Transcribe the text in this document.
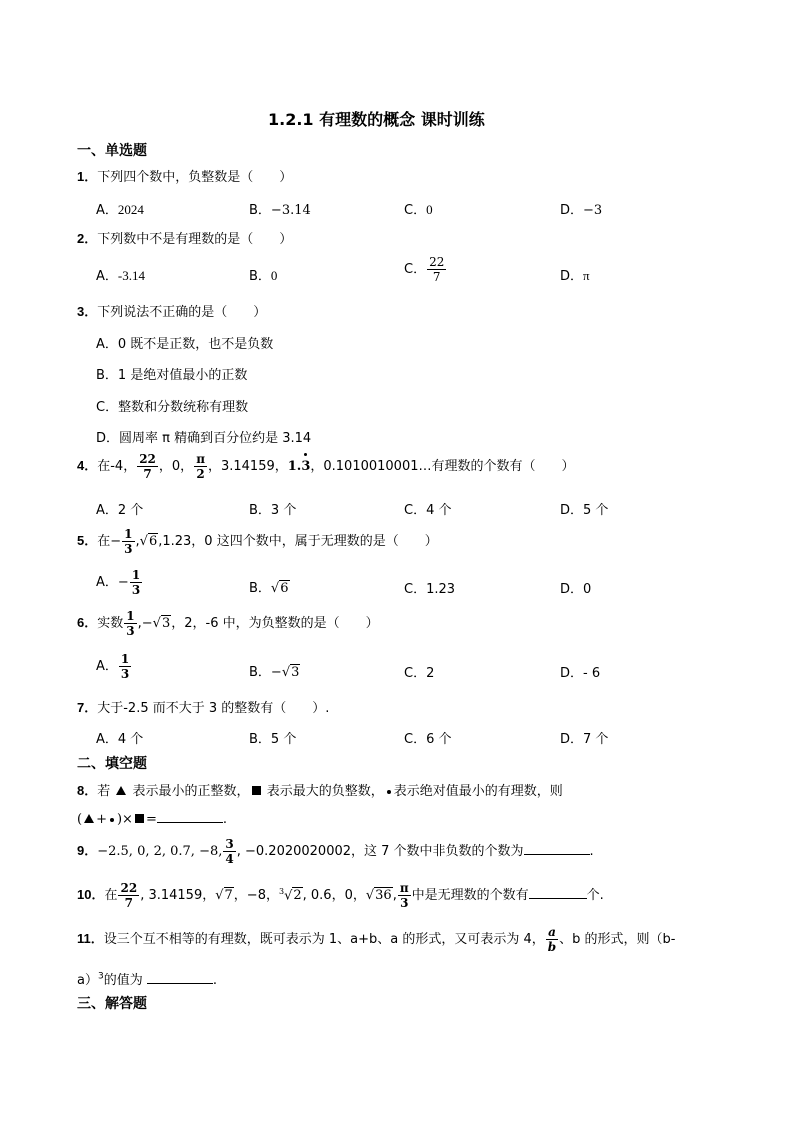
1.2.1 有理数的概念 课时训练
一、单选题
1．下列四个数中，负整数是（　　）
A．2024	B．−3.14	C．0	D．−3
2．下列数中不是有理数的是（　　）
A．-3.14	B．0	C． $\frac{22}{7}$	D．π
3．下列说法不正确的是（　　）
A．0 既不是正数，也不是负数
B．1 是绝对值最小的正数
C．整数和分数统称有理数
D．圆周率 π 精确到百分位约是 3.14
4．在-4， $\frac{22}{7}$ ，0， $\frac{\pi}{2}$ ，3.14159，1.
3，0.1010010001…有理数的个数有（　　）
A．2 个	B．3 个	C．4 个	D．5 个
5．在− $\frac{1}{3} ,√6,1.23$，0 这四个数中，属于无理数的是（　　）
A．− $\frac{1}{3}$	B．√6	C．1.23	D．0
6．实数 $\frac{1}{3} ,-√3$，2，-6 中，为负整数的是（　　）
A． $\frac{1}{3}$	B．−√3	C．2	D．- 6
7．大于-2.5 而不大于 3 的整数有（　　）.
A．4 个	B．5 个	C．6 个	D．7 个
二、填空题
8．若 表示最小的正整数， 表示最大的负整数， 表示绝对值最小的有理数，则
( + )× =	.
9．−2.5, 0, 2, 0.7, −8, $\frac{3}{4}$ , −0.2020020002，这 7 个数中非负数的个数为	.
10．在 $\frac{22}{7}$ , 3.14159，√7，−8，$^3$√2, 0.6，0，√36, $\frac{\pi}{3}$ 中是无理数的个数有	个.
11．设三个互不相等的有理数，既可表示为 1、a+b、a 的形式，又可表示为 4， $\frac{a}{b}$ 、b 的形式，则（b-
a）$^3$的值为	.
三、解答题
